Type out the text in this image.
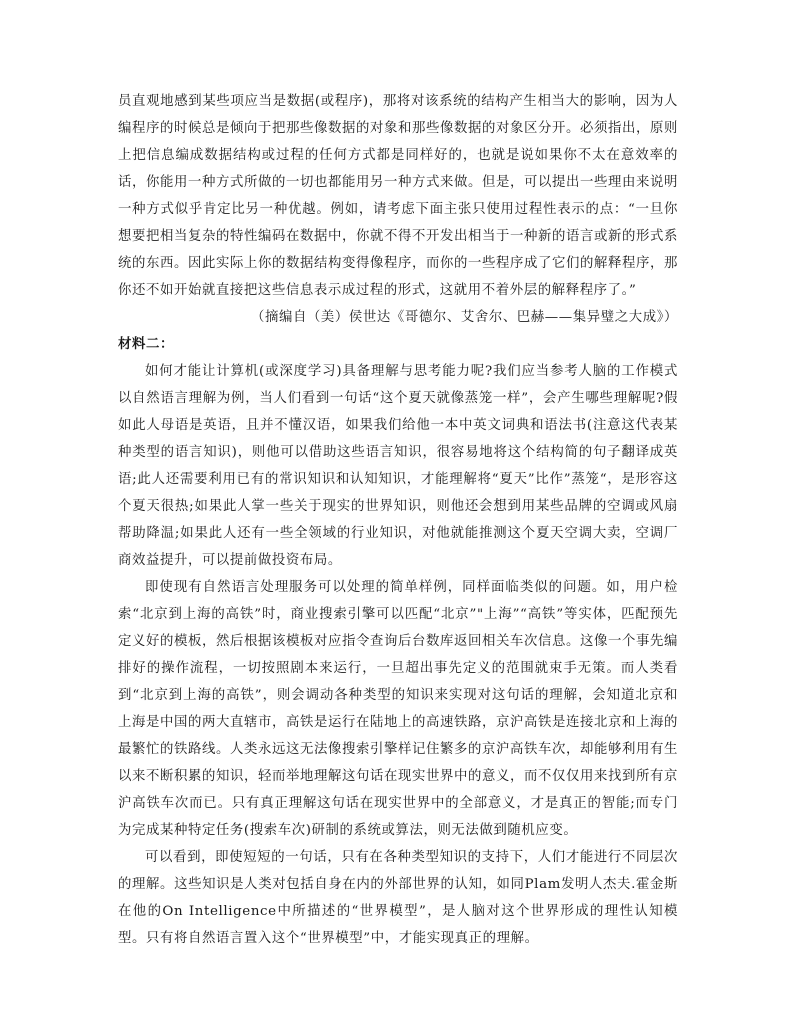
员直观地感到某些项应当是数据(或程序)，那将对该系统的结构产生相当大的影响，因为人编程序的时候总是倾向于把那些像数据的对象和那些像数据的对象区分开。必须指出，原则上把信息编成数据结构或过程的任何方式都是同样好的，也就是说如果你不太在意效率的话，你能用一种方式所做的一切也都能用另一种方式来做。但是，可以提出一些理由来说明一种方式似乎肯定比另一种优越。例如，请考虑下面主张只使用过程性表示的点：“一旦你想要把相当复杂的特性编码在数据中，你就不得不开发出相当于一种新的语言或新的形式系统的东西。因此实际上你的数据结构变得像程序，而你的一些程序成了它们的解释程序，那你还不如开始就直接把这些信息表示成过程的形式，这就用不着外层的解释程序了。”

（摘编自（美）侯世达《哥德尔、艾舍尔、巴赫——集异璧之大成》）

材料二：

如何才能让计算机(或深度学习)具备理解与思考能力呢?我们应当参考人脑的工作模式以自然语言理解为例，当人们看到一句话“这个夏天就像蒸笼一样”，会产生哪些理解呢?假如此人母语是英语，且并不懂汉语，如果我们给他一本中英文词典和语法书(注意这代表某种类型的语言知识)，则他可以借助这些语言知识，很容易地将这个结构简的句子翻译成英语;此人还需要利用已有的常识知识和认知知识，才能理解将“夏天”比作”蒸笼“，是形容这个夏天很热;如果此人掌一些关于现实的世界知识，则他还会想到用某些品牌的空调或风扇帮助降温;如果此人还有一些全领域的行业知识，对他就能推测这个夏天空调大卖，空调厂商效益提升，可以提前做投资布局。

即使现有自然语言处理服务可以处理的简单样例，同样面临类似的问题。如，用户检索“北京到上海的高铁”时，商业搜索引擎可以匹配“北京”"上海”“高铁”等实体，匹配预先定义好的模板，然后根据该模板对应指令查询后台数库返回相关车次信息。这像一个事先编排好的操作流程，一切按照剧本来运行，一旦超出事先定义的范围就束手无策。而人类看到“北京到上海的高铁”，则会调动各种类型的知识来实现对这句话的理解，会知道北京和上海是中国的两大直辖市，高铁是运行在陆地上的高速铁路，京沪高铁是连接北京和上海的最繁忙的铁路线。人类永远这无法像搜索引擎样记住繁多的京沪高铁车次，却能够利用有生以来不断积累的知识，轻而举地理解这句话在现实世界中的意义，而不仅仅用来找到所有京沪高铁车次而已。只有真正理解这句话在现实世界中的全部意义，才是真正的智能;而专门为完成某种特定任务(搜索车次)研制的系统或算法，则无法做到随机应变。

可以看到，即使短短的一句话，只有在各种类型知识的支持下，人们才能进行不同层次的理解。这些知识是人类对包括自身在内的外部世界的认知，如同Plam发明人杰夫.霍金斯在他的On Intelligence中所描述的“世界模型”，是人脑对这个世界形成的理性认知模型。只有将自然语言置入这个“世界模型”中，才能实现真正的理解。
